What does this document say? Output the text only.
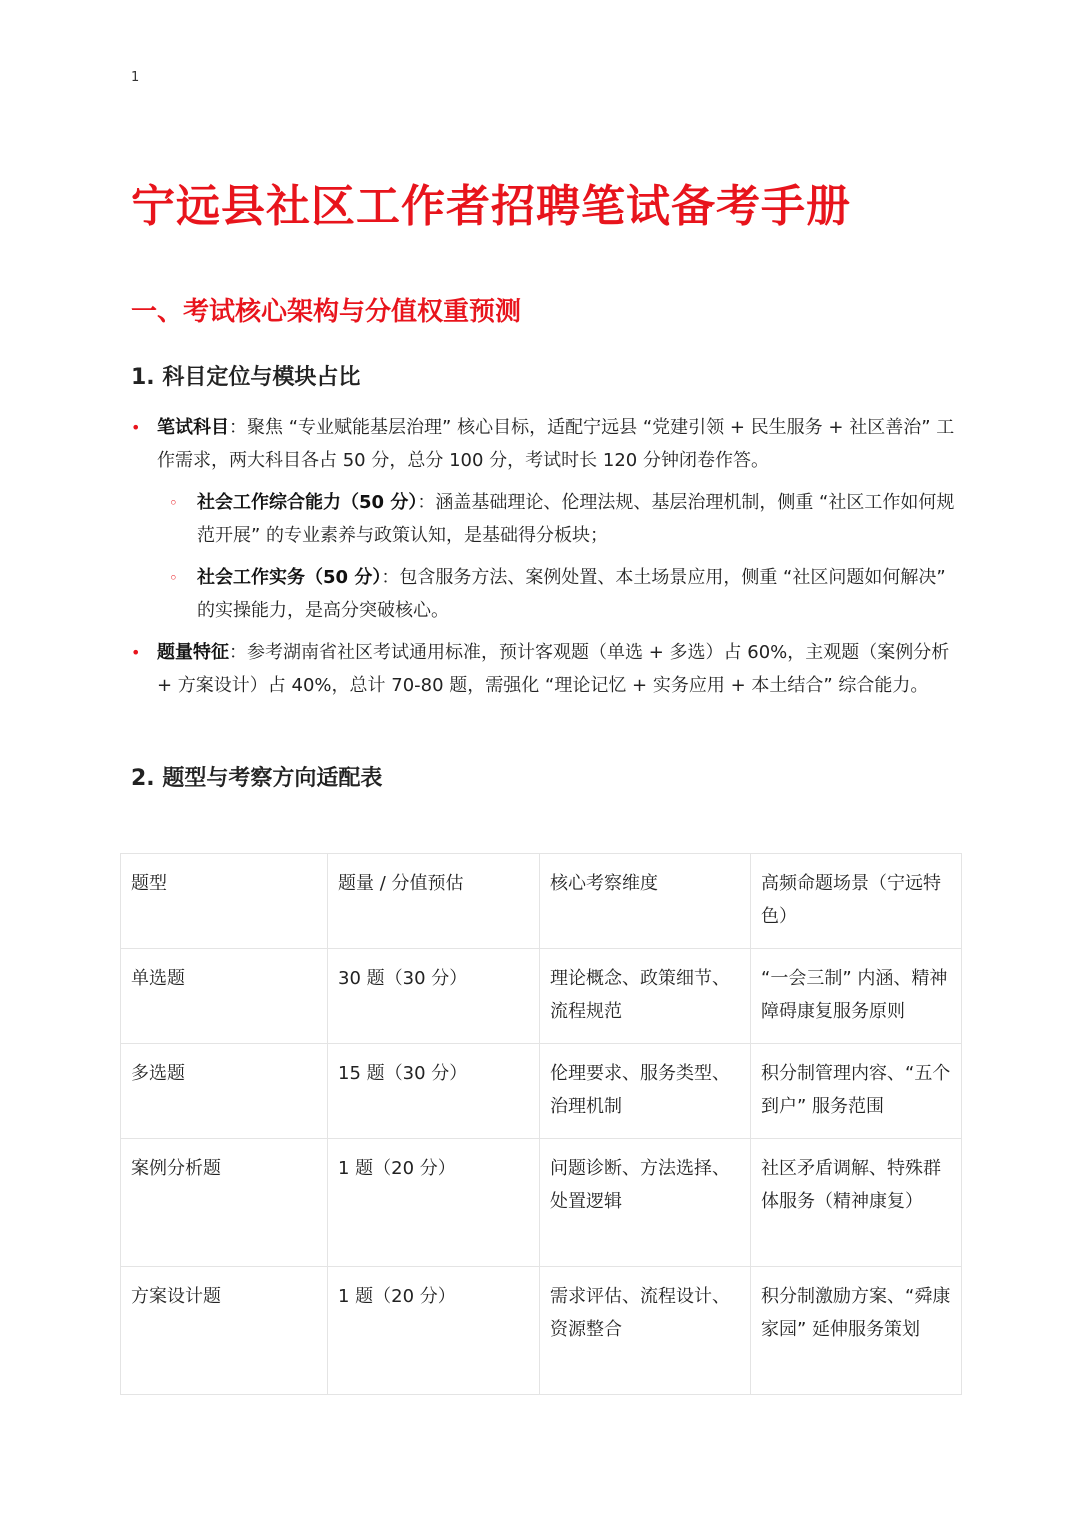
1
宁远县社区工作者招聘笔试备考手册
一、考试核心架构与分值权重预测
1. 科目定位与模块占比
• 笔试科目：聚焦 “专业赋能基层治理” 核心目标，适配宁远县 “党建引领 + 民生服务 + 社区善治” 工作需求，两大科目各占 50 分，总分 100 分，考试时长 120 分钟闭卷作答。
◦ 社会工作综合能力（50 分）：涵盖基础理论、伦理法规、基层治理机制，侧重 “社区工作如何规范开展” 的专业素养与政策认知，是基础得分板块；
◦ 社会工作实务（50 分）：包含服务方法、案例处置、本土场景应用，侧重 “社区问题如何解决” 的实操能力，是高分突破核心。
• 题量特征：参考湖南省社区考试通用标准，预计客观题（单选 + 多选）占 60%，主观题（案例分析 + 方案设计）占 40%，总计 70-80 题，需强化 “理论记忆 + 实务应用 + 本土结合” 综合能力。
2. 题型与考察方向适配表
题型	题量 / 分值预估	核心考察维度	高频命题场景（宁远特色）
单选题	30 题（30 分）	理论概念、政策细节、流程规范	“一会三制” 内涵、精神障碍康复服务原则
多选题	15 题（30 分）	伦理要求、服务类型、治理机制	积分制管理内容、“五个到户” 服务范围
案例分析题	1 题（20 分）	问题诊断、方法选择、处置逻辑	社区矛盾调解、特殊群体服务（精神康复）
方案设计题	1 题（20 分）	需求评估、流程设计、资源整合	积分制激励方案、“舜康家园” 延伸服务策划
